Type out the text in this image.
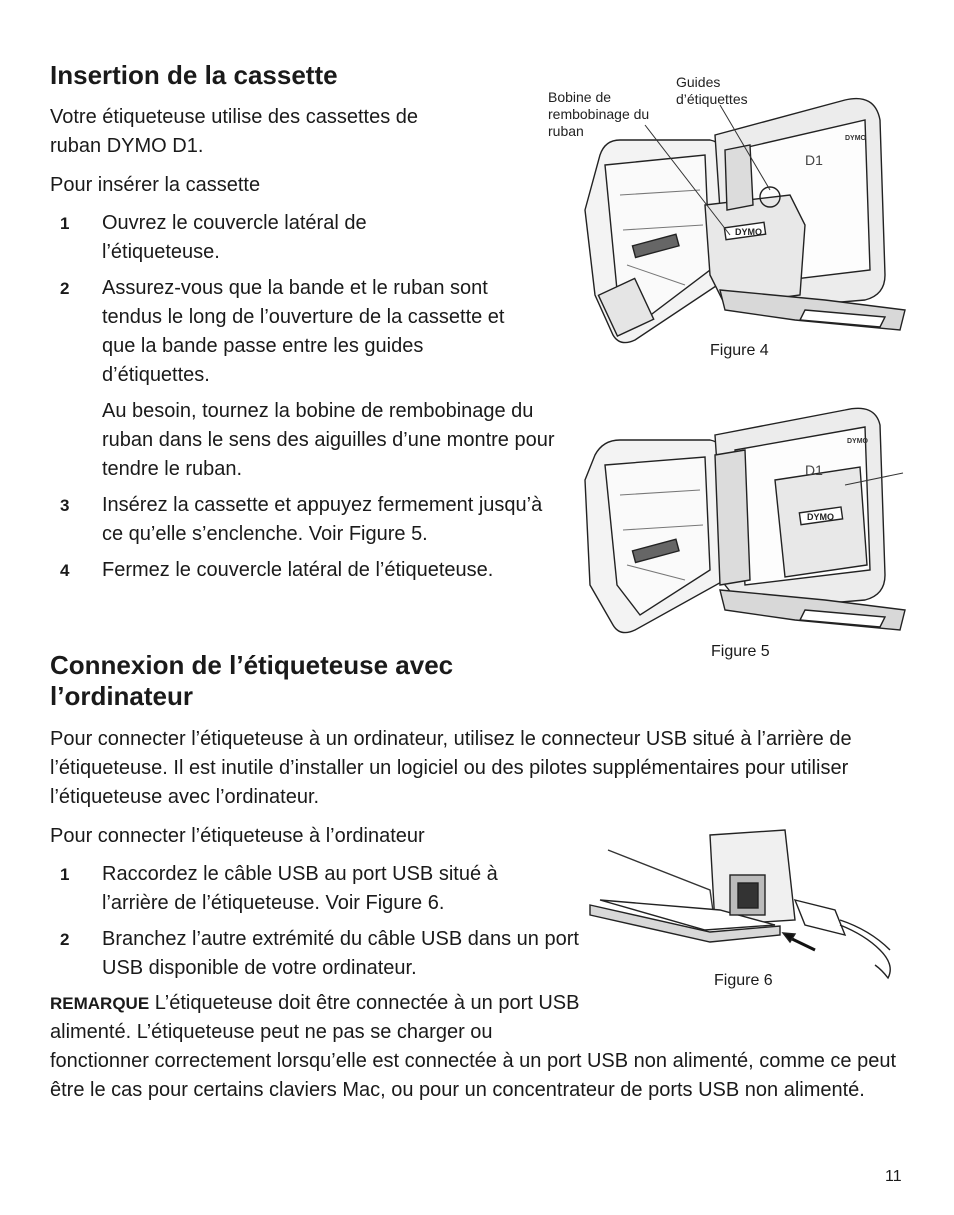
Insertion de la cassette

Votre étiqueteuse utilise des cassettes de ruban DYMO D1.

Pour insérer la cassette
1 Ouvrez le couvercle latéral de l’étiqueteuse.
2 Assurez-vous que la bande et le ruban sont tendus le long de l’ouverture de la cassette et que la bande passe entre les guides d’étiquettes.
Au besoin, tournez la bobine de rembobinage du ruban dans le sens des aiguilles d’une montre pour tendre le ruban.
3 Insérez la cassette et appuyez fermement jusqu’à ce qu’elle s’enclenche. Voir Figure 5.
4 Fermez le couvercle latéral de l’étiqueteuse.
Bobine de rembobinage du ruban
Guides d’étiquettes
DYMO
D1
DYMO
Figure 4
DYMO
D1
DYMO
Figure 5
Connexion de l’étiqueteuse avec l’ordinateur

Pour connecter l’étiqueteuse à un ordinateur, utilisez le connecteur USB situé à l’arrière de l’étiqueteuse. Il est inutile d’installer un logiciel ou des pilotes supplémentaires pour utiliser l’étiqueteuse avec l’ordinateur.

Pour connecter l’étiqueteuse à l’ordinateur
1 Raccordez le câble USB au port USB situé à l’arrière de l’étiqueteuse. Voir Figure 6.
2 Branchez l’autre extrémité du câble USB dans un port USB disponible de votre ordinateur.
Figure 6
REMARQUE L’étiqueteuse doit être connectée à un port USB alimenté. L’étiqueteuse peut ne pas se charger ou fonctionner correctement lorsqu’elle est connectée à un port USB non alimenté, comme ce peut être le cas pour certains claviers Mac, ou pour un concentrateur de ports USB non alimenté.
11
